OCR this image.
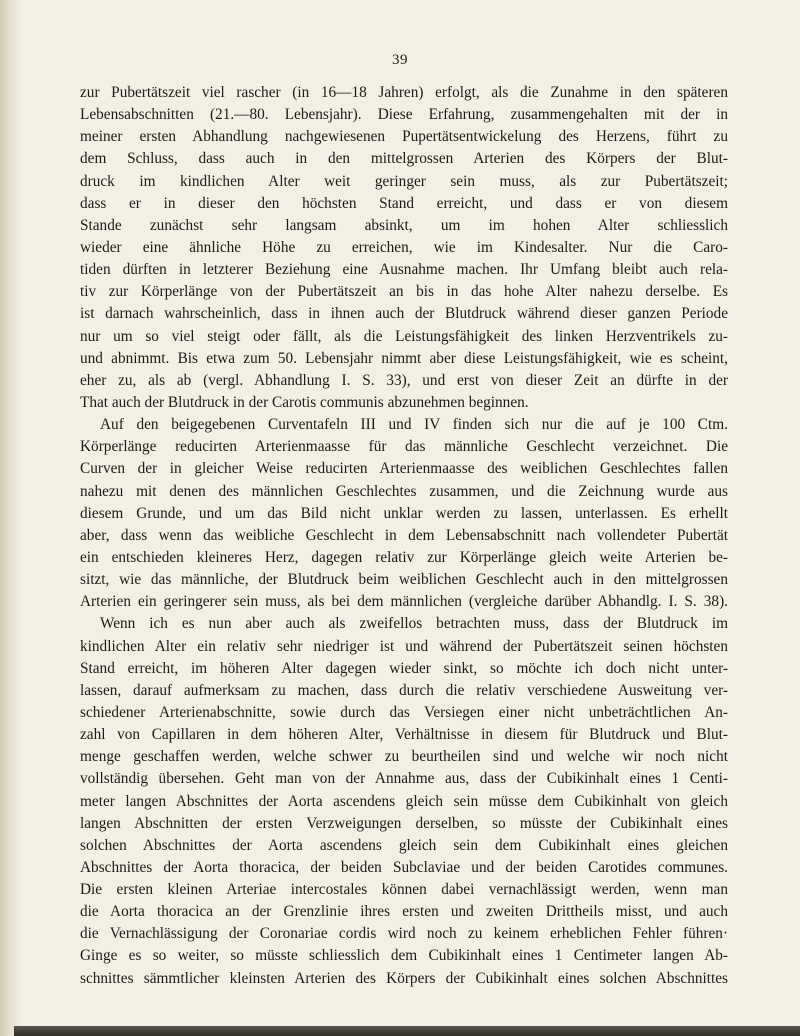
39
zur Pubertätszeit viel rascher (in 16—18 Jahren) erfolgt, als die Zunahme in den späteren
Lebensabschnitten (21.—80. Lebensjahr). Diese Erfahrung, zusammengehalten mit der in
meiner ersten Abhandlung nachgewiesenen Pupertätsentwickelung des Herzens, führt zu
dem Schluss, dass auch in den mittelgrossen Arterien des Körpers der Blut-
druck im kindlichen Alter weit geringer sein muss, als zur Pubertätszeit;
dass er in dieser den höchsten Stand erreicht, und dass er von diesem
Stande zunächst sehr langsam absinkt, um im hohen Alter schliesslich
wieder eine ähnliche Höhe zu erreichen, wie im Kindesalter. Nur die Caro-
tiden dürften in letzterer Beziehung eine Ausnahme machen. Ihr Umfang bleibt auch rela-
tiv zur Körperlänge von der Pubertätszeit an bis in das hohe Alter nahezu derselbe. Es
ist darnach wahrscheinlich, dass in ihnen auch der Blutdruck während dieser ganzen Periode
nur um so viel steigt oder fällt, als die Leistungsfähigkeit des linken Herzventrikels zu-
und abnimmt. Bis etwa zum 50. Lebensjahr nimmt aber diese Leistungsfähigkeit, wie es scheint,
eher zu, als ab (vergl. Abhandlung I. S. 33), und erst von dieser Zeit an dürfte in der
That auch der Blutdruck in der Carotis communis abzunehmen beginnen.
Auf den beigegebenen Curventafeln III und IV finden sich nur die auf je 100 Ctm.
Körperlänge reducirten Arterienmaasse für das männliche Geschlecht verzeichnet. Die
Curven der in gleicher Weise reducirten Arterienmaasse des weiblichen Geschlechtes fallen
nahezu mit denen des männlichen Geschlechtes zusammen, und die Zeichnung wurde aus
diesem Grunde, und um das Bild nicht unklar werden zu lassen, unterlassen. Es erhellt
aber, dass wenn das weibliche Geschlecht in dem Lebensabschnitt nach vollendeter Pubertät
ein entschieden kleineres Herz, dagegen relativ zur Körperlänge gleich weite Arterien be-
sitzt, wie das männliche, der Blutdruck beim weiblichen Geschlecht auch in den mittelgrossen
Arterien ein geringerer sein muss, als bei dem männlichen (vergleiche darüber Abhandlg. I. S. 38).
Wenn ich es nun aber auch als zweifellos betrachten muss, dass der Blutdruck im
kindlichen Alter ein relativ sehr niedriger ist und während der Pubertätszeit seinen höchsten
Stand erreicht, im höheren Alter dagegen wieder sinkt, so möchte ich doch nicht unter-
lassen, darauf aufmerksam zu machen, dass durch die relativ verschiedene Ausweitung ver-
schiedener Arterienabschnitte, sowie durch das Versiegen einer nicht unbeträchtlichen An-
zahl von Capillaren in dem höheren Alter, Verhältnisse in diesem für Blutdruck und Blut-
menge geschaffen werden, welche schwer zu beurtheilen sind und welche wir noch nicht
vollständig übersehen. Geht man von der Annahme aus, dass der Cubikinhalt eines 1 Centi-
meter langen Abschnittes der Aorta ascendens gleich sein müsse dem Cubikinhalt von gleich
langen Abschnitten der ersten Verzweigungen derselben, so müsste der Cubikinhalt eines
solchen Abschnittes der Aorta ascendens gleich sein dem Cubikinhalt eines gleichen
Abschnittes der Aorta thoracica, der beiden Subclaviae und der beiden Carotides communes.
Die ersten kleinen Arteriae intercostales können dabei vernachlässigt werden, wenn man
die Aorta thoracica an der Grenzlinie ihres ersten und zweiten Drittheils misst, und auch
die Vernachlässigung der Coronariae cordis wird noch zu keinem erheblichen Fehler führen·
Ginge es so weiter, so müsste schliesslich dem Cubikinhalt eines 1 Centimeter langen Ab-
schnittes sämmtlicher kleinsten Arterien des Körpers der Cubikinhalt eines solchen Abschnittes
